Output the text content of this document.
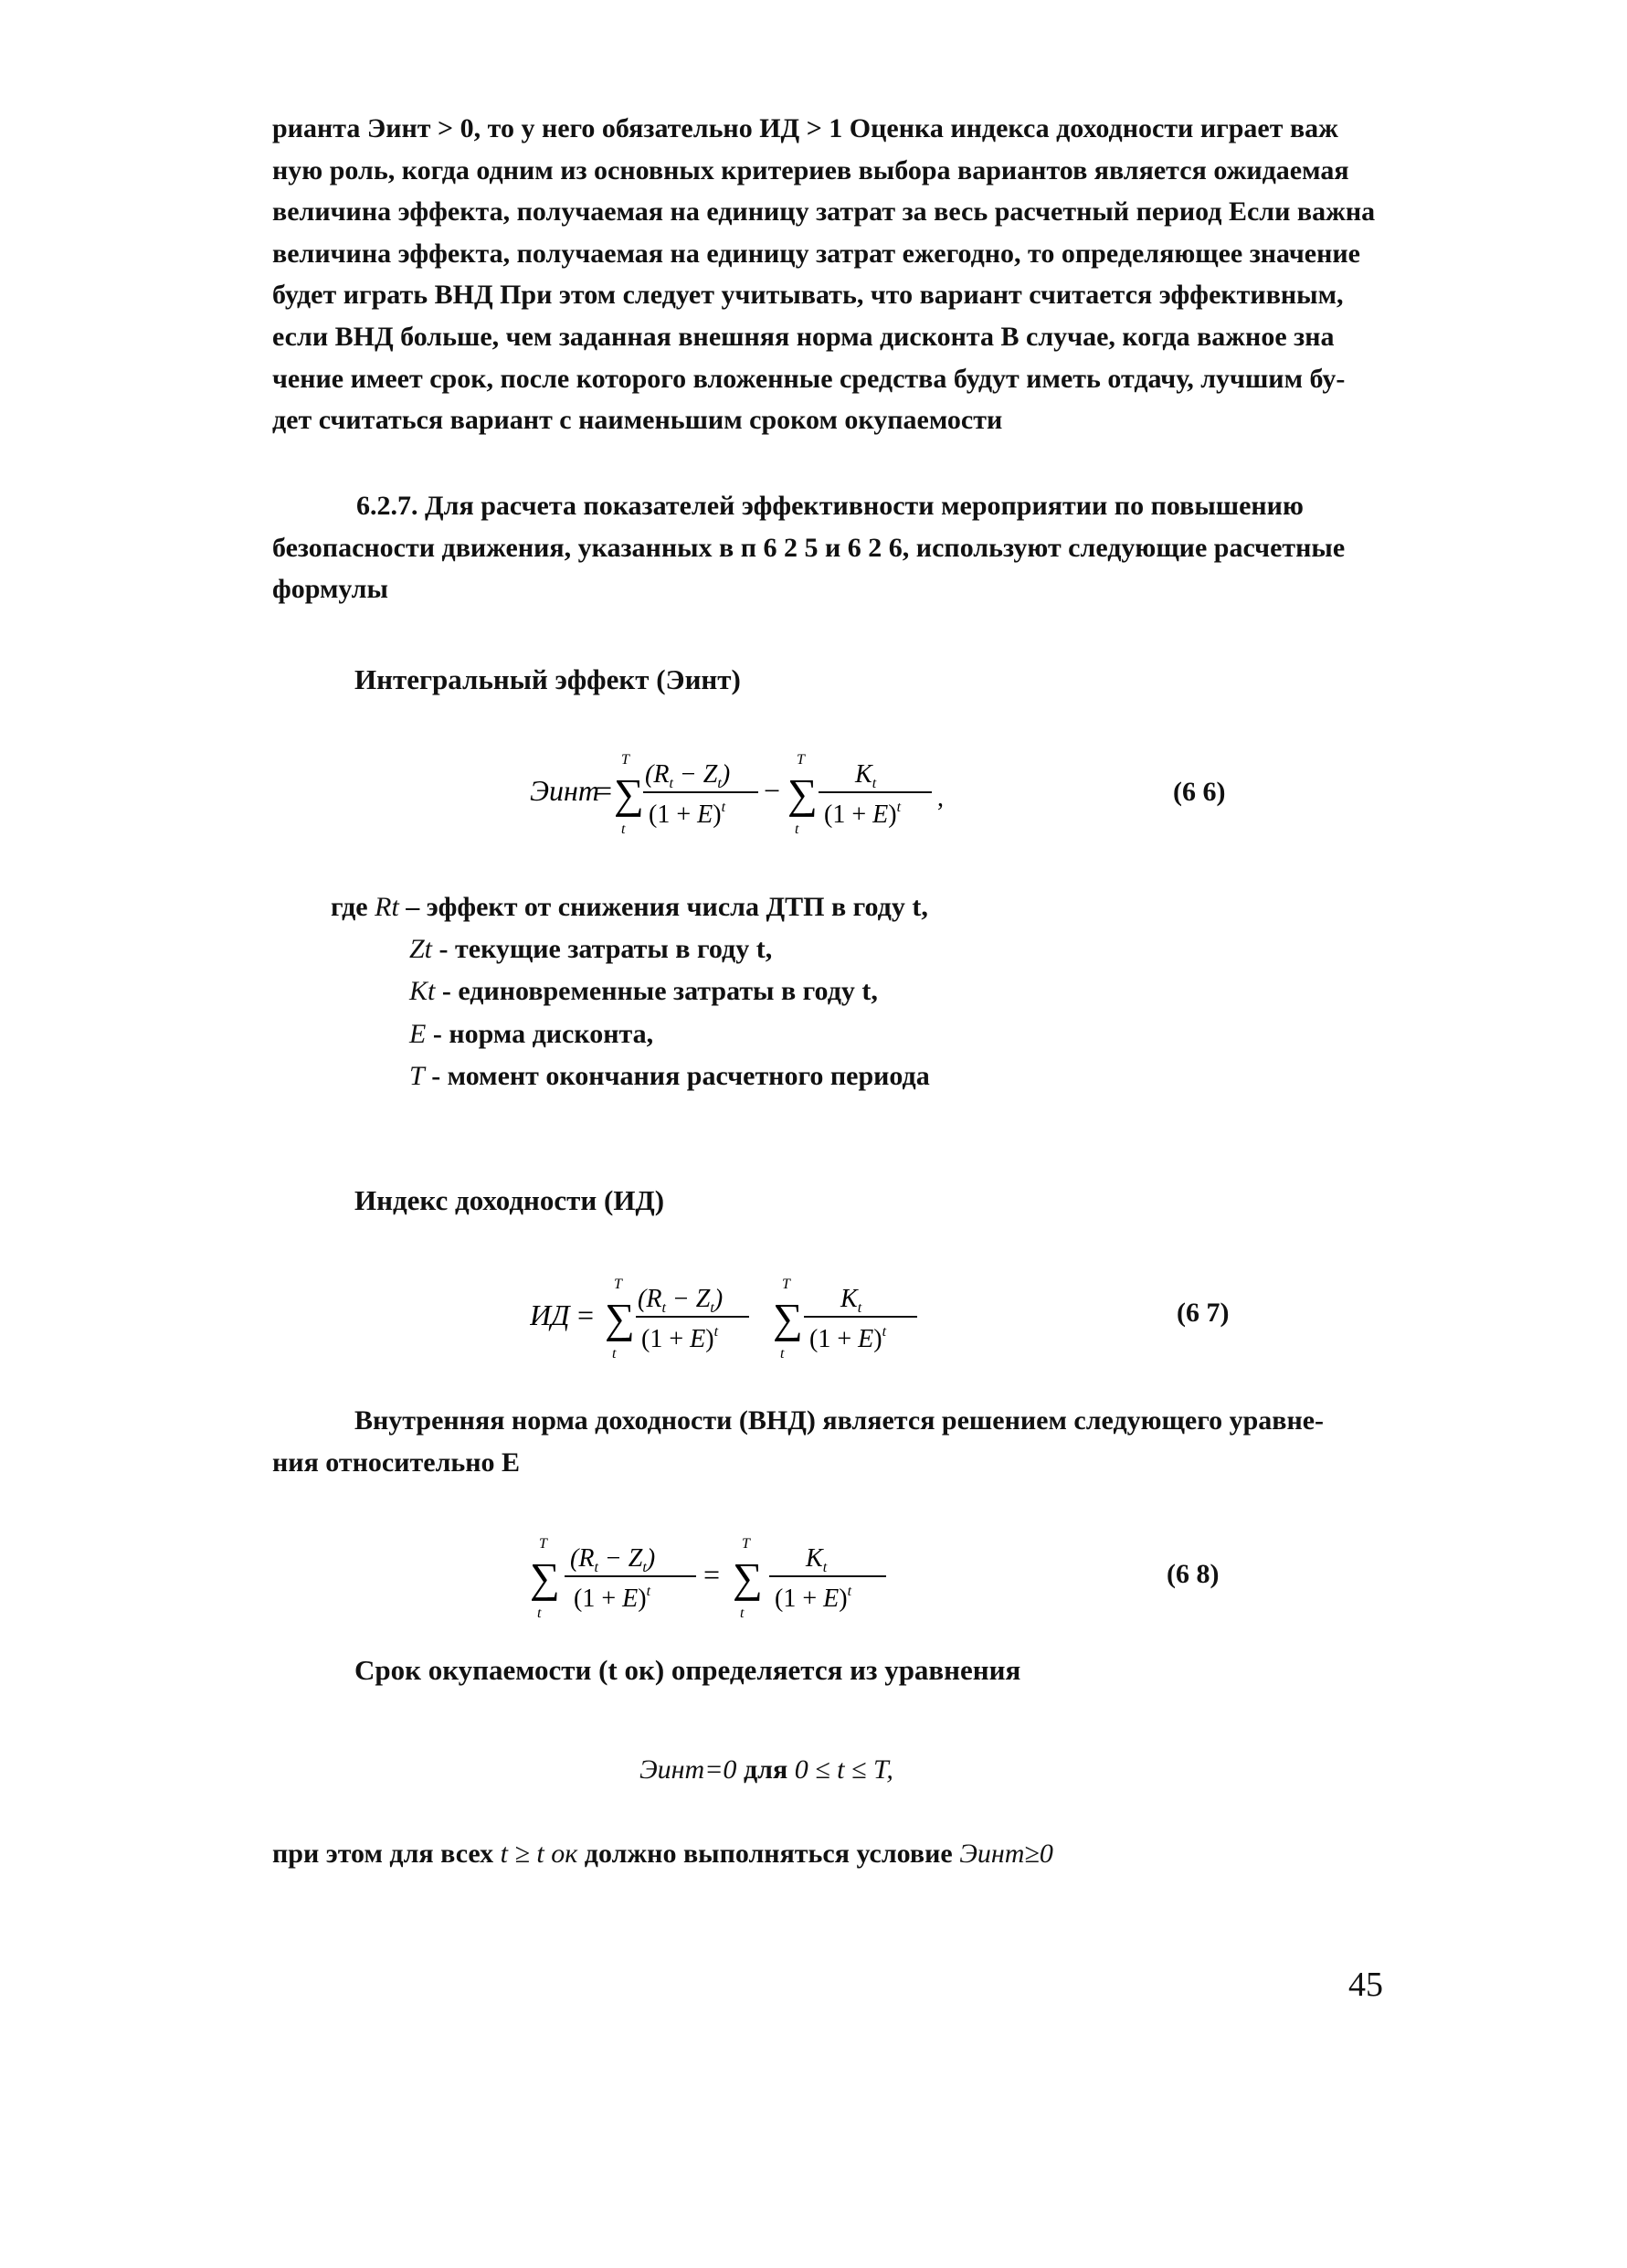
рианта Эинт > 0, то у него обязательно ИД > 1 Оценка индекса доходности играет важ
ную роль, когда одним из основных критериев выбора вариантов является ожидаемая
величина эффекта, получаемая на единицу затрат за весь расчетный период Если важна
величина эффекта, получаемая на единицу затрат ежегодно, то определяющее значение
будет играть ВНД При этом следует учитывать, что вариант считается эффективным,
если ВНД больше, чем заданная внешняя норма дисконта В случае, когда важное зна
чение имеет срок, после которого вложенные средства будут иметь отдачу, лучшим бу-
дет считаться вариант с наименьшим сроком окупаемости
6.2.7. Для расчета показателей эффективности мероприятии по повышению
безопасности движения, указанных в п 6 2 5 и 6 2 6, используют следующие расчетные
формулы
Интегральный эффект (Эинт)
Эинт
=
T
∑
t
$(R_t - Z_t)$
$(1 + E)^t$
−
T
∑
t
$K_t$
$(1 + E)^t$ ,	(6 6)
где Rt – эффект от снижения числа ДТП в году t,
Zt - текущие затраты в году t,
Kt - единовременные затраты в году t,
E - норма дисконта,
T - момент окончания расчетного периода
Индекс доходности (ИД)
ИД =
T
∑
t
$(R_t - Z_t)$
$(1 + E)^t$
T
∑
t
$K_t$
$(1 + E)^t$
(6 7)
Внутренняя норма доходности (ВНД) является решением следующего уравне-
ния относительно E
T
∑
t
$(R_t - Z_t)$
$(1 + E)^t$
=
T
∑
t
$K_t$
$(1 + E)^t$
(6 8)
Срок окупаемости (t ок) определяется из уравнения
Эинт=0 для 0 ≤ t ≤ T,
при этом для всех t ≥ t ок должно выполняться условие Эинт≥0
45
